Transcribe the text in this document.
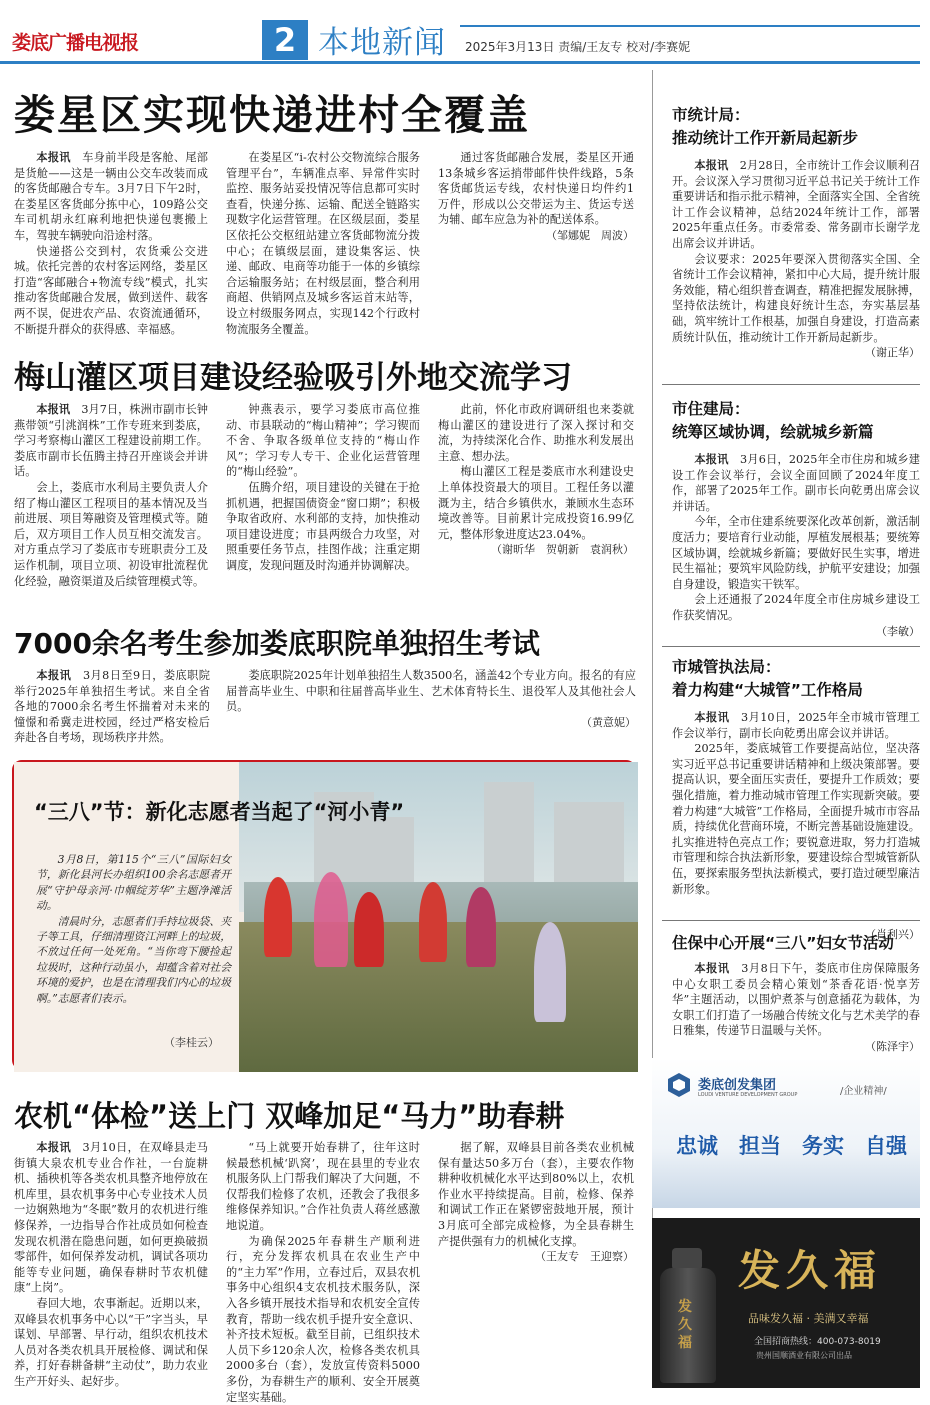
娄底广播电视报	2 本地新闻 2025年3月13日 责编/王友专 校对/李赛妮
娄星区实现快递进村全覆盖

本报讯　 车身前半段是客舱、尾部是货舱——这是一辆由公交车改装而成的客货邮融合专车。3月7日下午2时，在娄星区客货邮分拣中心，109路公交车司机胡永红麻利地把快递包裹搬上车，驾驶车辆驶向沿途村落。

快递搭公交到村，农货乘公交进城。依托完善的农村客运网络，娄星区打造“客邮融合+物流专线”模式，扎实推动客货邮融合发展，做到送件、载客两不误，促进农产品、农资流通循环，不断提升群众的获得感、幸福感。

在娄星区“i-农村公交物流综合服务管理平台”，车辆准点率、异常件实时监控、服务站妥投情况等信息都可实时查看，快递分拣、运输、配送全链路实现数字化运营管理。在区级层面，娄星区依托公交枢纽站建立客货邮物流分拨中心；在镇级层面，建设集客运、快递、邮政、电商等功能于一体的乡镇综合运输服务站；在村级层面，整合利用商超、供销网点及城乡客运首末站等，设立村级服务网点，实现142个行政村物流服务全覆盖。

通过客货邮融合发展，娄星区开通13条城乡客运捎带邮件快件线路，5条客货邮货运专线，农村快递日均件约1万件，形成以公交带运为主、货运专送为辅、邮车应急为补的配送体系。

（邹娜妮　周波）
梅山灌区项目建设经验吸引外地交流学习

本报讯　 3月7日，株洲市副市长钟燕带领“引洮润株”工作专班来到娄底，学习考察梅山灌区工程建设前期工作。娄底市副市长伍腾主持召开座谈会并讲话。

会上，娄底市水利局主要负责人介绍了梅山灌区工程项目的基本情况及当前进展、项目筹融资及管理模式等。随后，双方项目工作人员互相交流发言。对方重点学习了娄底市专班职责分工及运作机制，项目立项、初设审批流程优化经验，融资渠道及后续管理模式等。

钟燕表示，要学习娄底市高位推动、市县联动的“梅山精神”；学习锲而不舍、争取各级单位支持的“梅山作风”；学习专人专干、企业化运营管理的“梅山经验”。

伍腾介绍，项目建设的关键在于抢抓机遇，把握国债资金“窗口期”；积极争取省政府、水利部的支持，加快推动项目建设进度；市县两级合力攻坚，对照重要任务节点，挂图作战；注重定期调度，发现问题及时沟通并协调解决。

此前，怀化市政府调研组也来娄就梅山灌区的建设进行了深入探讨和交流，为持续深化合作、助推水利发展出主意、想办法。

梅山灌区工程是娄底市水利建设史上单体投资最大的项目。工程任务以灌溉为主，结合乡镇供水，兼顾水生态环境改善等。目前累计完成投资16.99亿元，整体形象进度达23.04%。

（谢昕华　贺朝新　袁润秋）
7000余名考生参加娄底职院单独招生考试

本报讯　 3月8日至9日，娄底职院举行2025年单独招生考试。来自全省各地的7000余名考生怀揣着对未来的憧憬和希冀走进校园，经过严格安检后奔赴各自考场，现场秩序井然。

娄底职院2025年计划单独招生人数3500名，涵盖42个专业方向。报名的有应届普高毕业生、中职和往届普高毕业生、艺术体育特长生、退役军人及其他社会人员。

（黄意妮）
“三八”节：新化志愿者当起了“河小青”

3月8日，第115个“三八”国际妇女节，新化县河长办组织100余名志愿者开展“守护母亲河·巾帼绽芳华”主题净滩活动。

清晨时分，志愿者们手持垃圾袋、夹子等工具，仔细清理资江河畔上的垃圾，不放过任何一处死角。“当你弯下腰捡起垃圾时，这种行动虽小，却蕴含着对社会环境的爱护，也是在清理我们内心的垃圾啊。”志愿者们表示。

（李桂云）
农机“体检”送上门 双峰加足“马力”助春耕

本报讯　 3月10日，在双峰县走马街镇大泉农机专业合作社，一台旋耕机、插秧机等各类农机具整齐地停放在机库里，县农机事务中心专业技术人员一边娴熟地为“冬眠”数月的农机进行维修保养，一边指导合作社成员如何检查发现农机潜在隐患问题，如何更换破损零部件，如何保养发动机，调试各项功能等专业问题，确保春耕时节农机健康“上岗”。

春回大地，农事渐起。近期以来，双峰县农机事务中心以“干”字当头，早谋划、早部署、早行动，组织农机技术人员对各类农机具开展检修、调试和保养，打好春耕备耕“主动仗”，助力农业生产开好头、起好步。

“马上就要开始春耕了，往年这时候最愁机械‘趴窝’，现在县里的专业农机服务队上门帮我们解决了大问题，不仅帮我们检修了农机，还教会了我很多维修保养知识。”合作社负责人蒋丝感激地说道。

为确保2025年春耕生产顺利进行，充分发挥农机具在农业生产中的“主力军”作用，立春过后，双县农机事务中心组织4支农机技术服务队，深入各乡镇开展技术指导和农机安全宣传教育，帮助一线农机手提升安全意识、补齐技术短板。截至目前，已组织技术人员下乡120余人次，检修各类农机具2000多台（套），发放宣传资料5000多份，为春耕生产的顺利、安全开展奠定坚实基础。

据了解，双峰县目前各类农业机械保有量达50多万台（套），主要农作物耕种收机械化水平达到80%以上，农机作业水平持续提高。目前，检修、保养和调试工作正在紧锣密鼓地开展，预计3月底可全部完成检修，为全县春耕生产提供强有力的机械化支撑。

（王友专　王迎察）
市统计局：
推动统计工作开新局起新步

本报讯　 2月28日，全市统计工作会议顺利召开。会议深入学习贯彻习近平总书记关于统计工作重要讲话和指示批示精神，全面落实全国、全省统计工作会议精神，总结2024年统计工作，部署2025年重点任务。市委常委、常务副市长谢学龙出席会议并讲话。

会议要求：2025年要深入贯彻落实全国、全省统计工作会议精神，紧扣中心大局，提升统计服务效能，精心组织普查调查，精准把握发展脉搏，坚持依法统计，构建良好统计生态，夯实基层基础，筑牢统计工作根基，加强自身建设，打造高素质统计队伍，推动统计工作开新局起新步。

（谢正华）
市住建局：
统筹区域协调，绘就城乡新篇

本报讯　 3月6日，2025年全市住房和城乡建设工作会议举行，会议全面回顾了2024年度工作，部署了2025年工作。副市长向乾勇出席会议并讲话。

今年，全市住建系统要深化改革创新，激活制度活力；要培育行业动能，厚植发展根基；要统筹区域协调，绘就城乡新篇；要做好民生实事，增进民生福祉；要筑牢风险防线，护航平安建设；加强自身建设，锻造实干铁军。

会上还通报了2024年度全市住房城乡建设工作获奖情况。

（李敏）
市城管执法局：
着力构建“大城管”工作格局

本报讯　 3月10日，2025年全市城市管理工作会议举行，副市长向乾勇出席会议并讲话。

2025年，娄底城管工作要提高站位，坚决落实习近平总书记重要讲话精神和上级决策部署。要提高认识，要全面压实责任，要提升工作质效；要强化措施，着力推动城市管理工作实现新突破。要着力构建“大城管”工作格局，全面提升城市市容品质，持续优化营商环境，不断完善基础设施建设。扎实推进特色亮点工作；要锐意进取，努力打造城市管理和综合执法新形象，要建设综合型城管新队伍，要探索服务型执法新模式，要打造过硬型廉洁新形象。

（肖利兴）
住保中心开展“三八”妇女节活动

本报讯　 3月8日下午，娄底市住房保障服务中心女职工委员会精心策划“茶香花语·悦享芳华”主题活动，以围炉煮茶与创意插花为载体，为女职工们打造了一场融合传统文化与艺术美学的春日雅集，传递节日温暖与关怀。

（陈泽宇）
娄底创发集团
LOUDI VENTURE DEVELOPMENT GROUP	/企业精神/
忠诚　担当　务实　自强
发久福
发久福
品味发久福 · 美满又幸福
全国招商热线：400-073-8019
贵州国顺酒业有限公司出品
